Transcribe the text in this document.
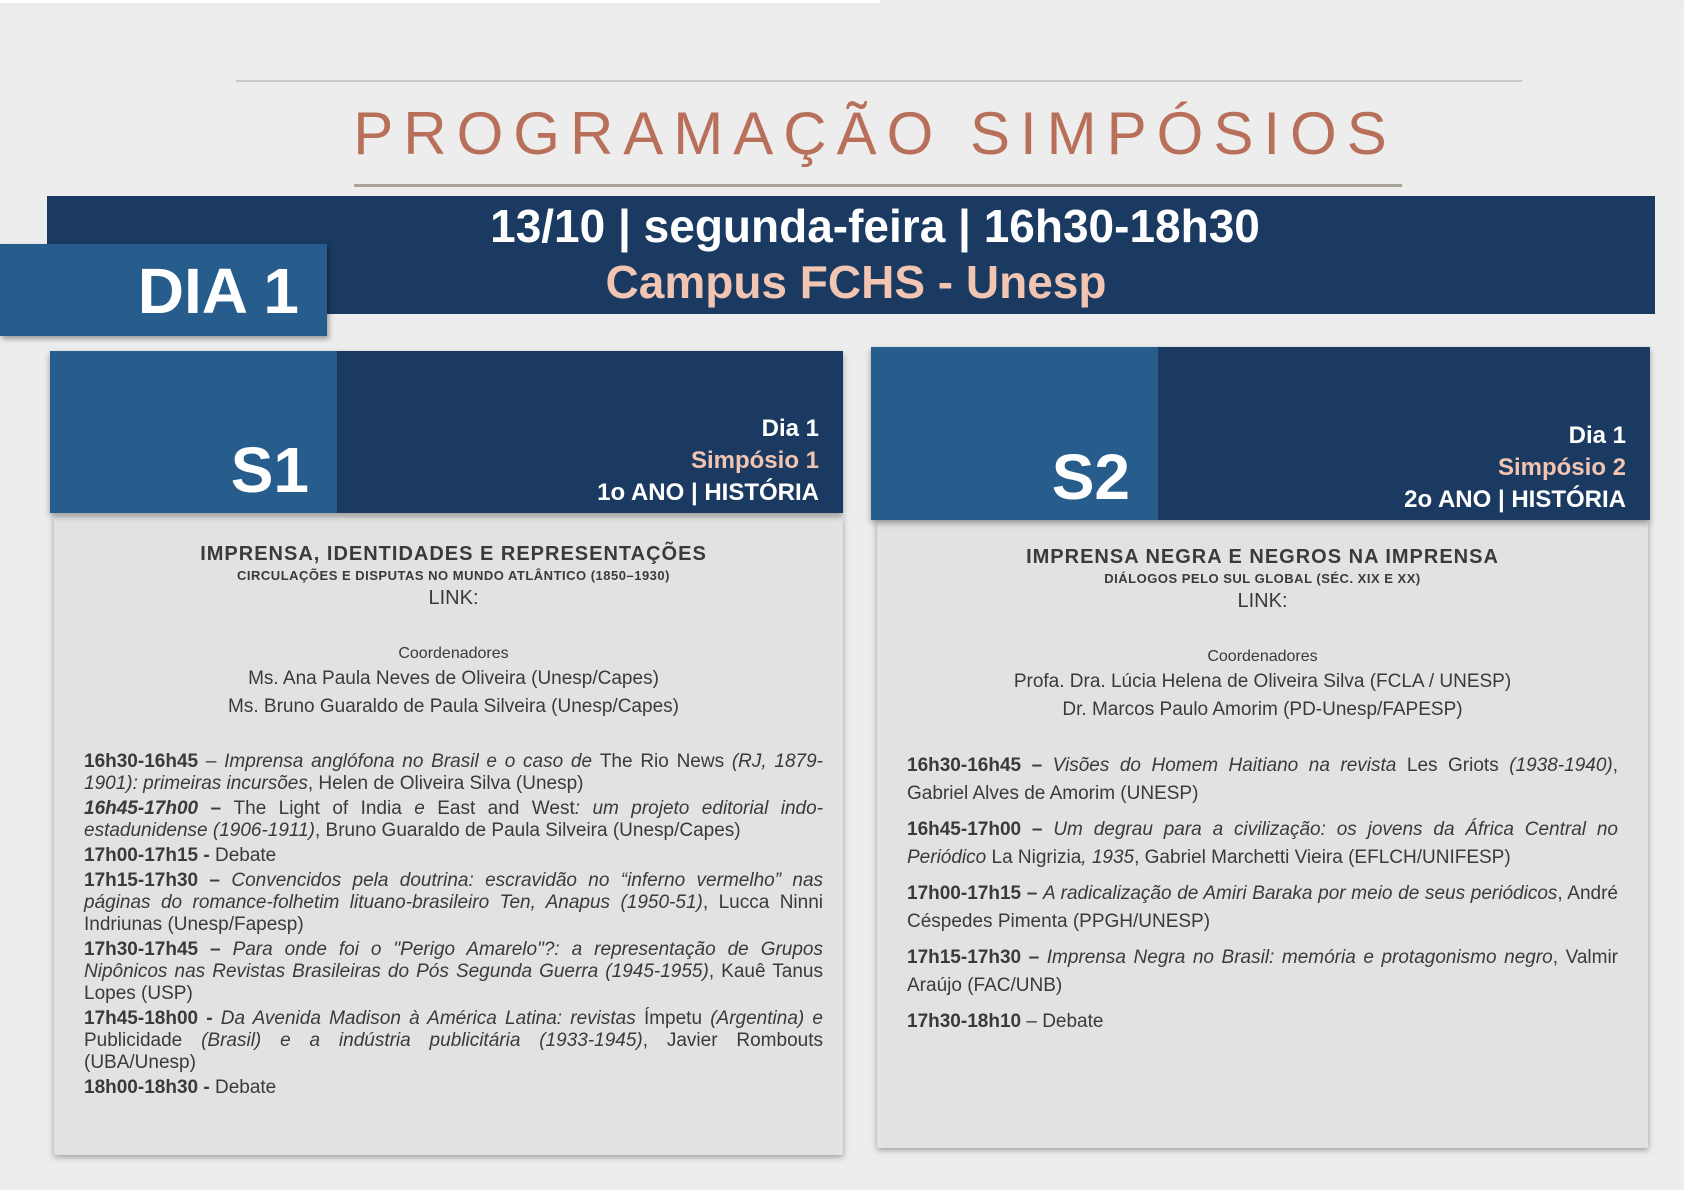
PROGRAMAÇÃO SIMPÓSIOS
13/10 | segunda-feira | 16h30-18h30
Campus FCHS - Unesp
DIA 1
IMPRENSA, IDENTIDADES E REPRESENTAÇÕES
CIRCULAÇÕES E DISPUTAS NO MUNDO ATLÂNTICO (1850–1930)
LINK:
Coordenadores
Ms. Ana Paula Neves de Oliveira (Unesp/Capes)
Ms. Bruno Guaraldo de Paula Silveira (Unesp/Capes)
16h30-16h45 – Imprensa anglófona no Brasil e o caso de The Rio News (RJ, 1879-1901): primeiras incursões, Helen de Oliveira Silva (Unesp)
16h45-17h00 – The Light of India e East and West: um projeto editorial indo-estadunidense (1906-1911), Bruno Guaraldo de Paula Silveira (Unesp/Capes)
17h00-17h15 - Debate
17h15-17h30 – Convencidos pela doutrina: escravidão no “inferno vermelho” nas páginas do romance-folhetim lituano-brasileiro Ten, Anapus (1950-51), Lucca Ninni Indriunas (Unesp/Fapesp)
17h30-17h45 – Para onde foi o "Perigo Amarelo"?: a representação de Grupos Nipônicos nas Revistas Brasileiras do Pós Segunda Guerra (1945-1955), Kauê Tanus Lopes (USP)
17h45-18h00 - Da Avenida Madison à América Latina: revistas Ímpetu (Argentina) e Publicidade (Brasil) e a indústria publicitária (1933-1945), Javier Rombouts (UBA/Unesp)
18h00-18h30 - Debate
S1
Dia 1
Simpósio 1
1o ANO | HISTÓRIA
IMPRENSA NEGRA E NEGROS NA IMPRENSA
DIÁLOGOS PELO SUL GLOBAL (SÉC. XIX E XX)
LINK:
Coordenadores
Profa. Dra. Lúcia Helena de Oliveira Silva (FCLA / UNESP)
Dr. Marcos Paulo Amorim (PD-Unesp/FAPESP)
16h30-16h45 – Visões do Homem Haitiano na revista Les Griots (1938-1940), Gabriel Alves de Amorim (UNESP)
16h45-17h00 – Um degrau para a civilização: os jovens da África Central no Periódico La Nigrizia, 1935, Gabriel Marchetti Vieira (EFLCH/UNIFESP)
17h00-17h15 – A radicalização de Amiri Baraka por meio de seus periódicos, André Céspedes Pimenta (PPGH/UNESP)
17h15-17h30 – Imprensa Negra no Brasil: memória e protagonismo negro, Valmir Araújo (FAC/UNB)
17h30-18h10 – Debate
S2
Dia 1
Simpósio 2
2o ANO | HISTÓRIA
